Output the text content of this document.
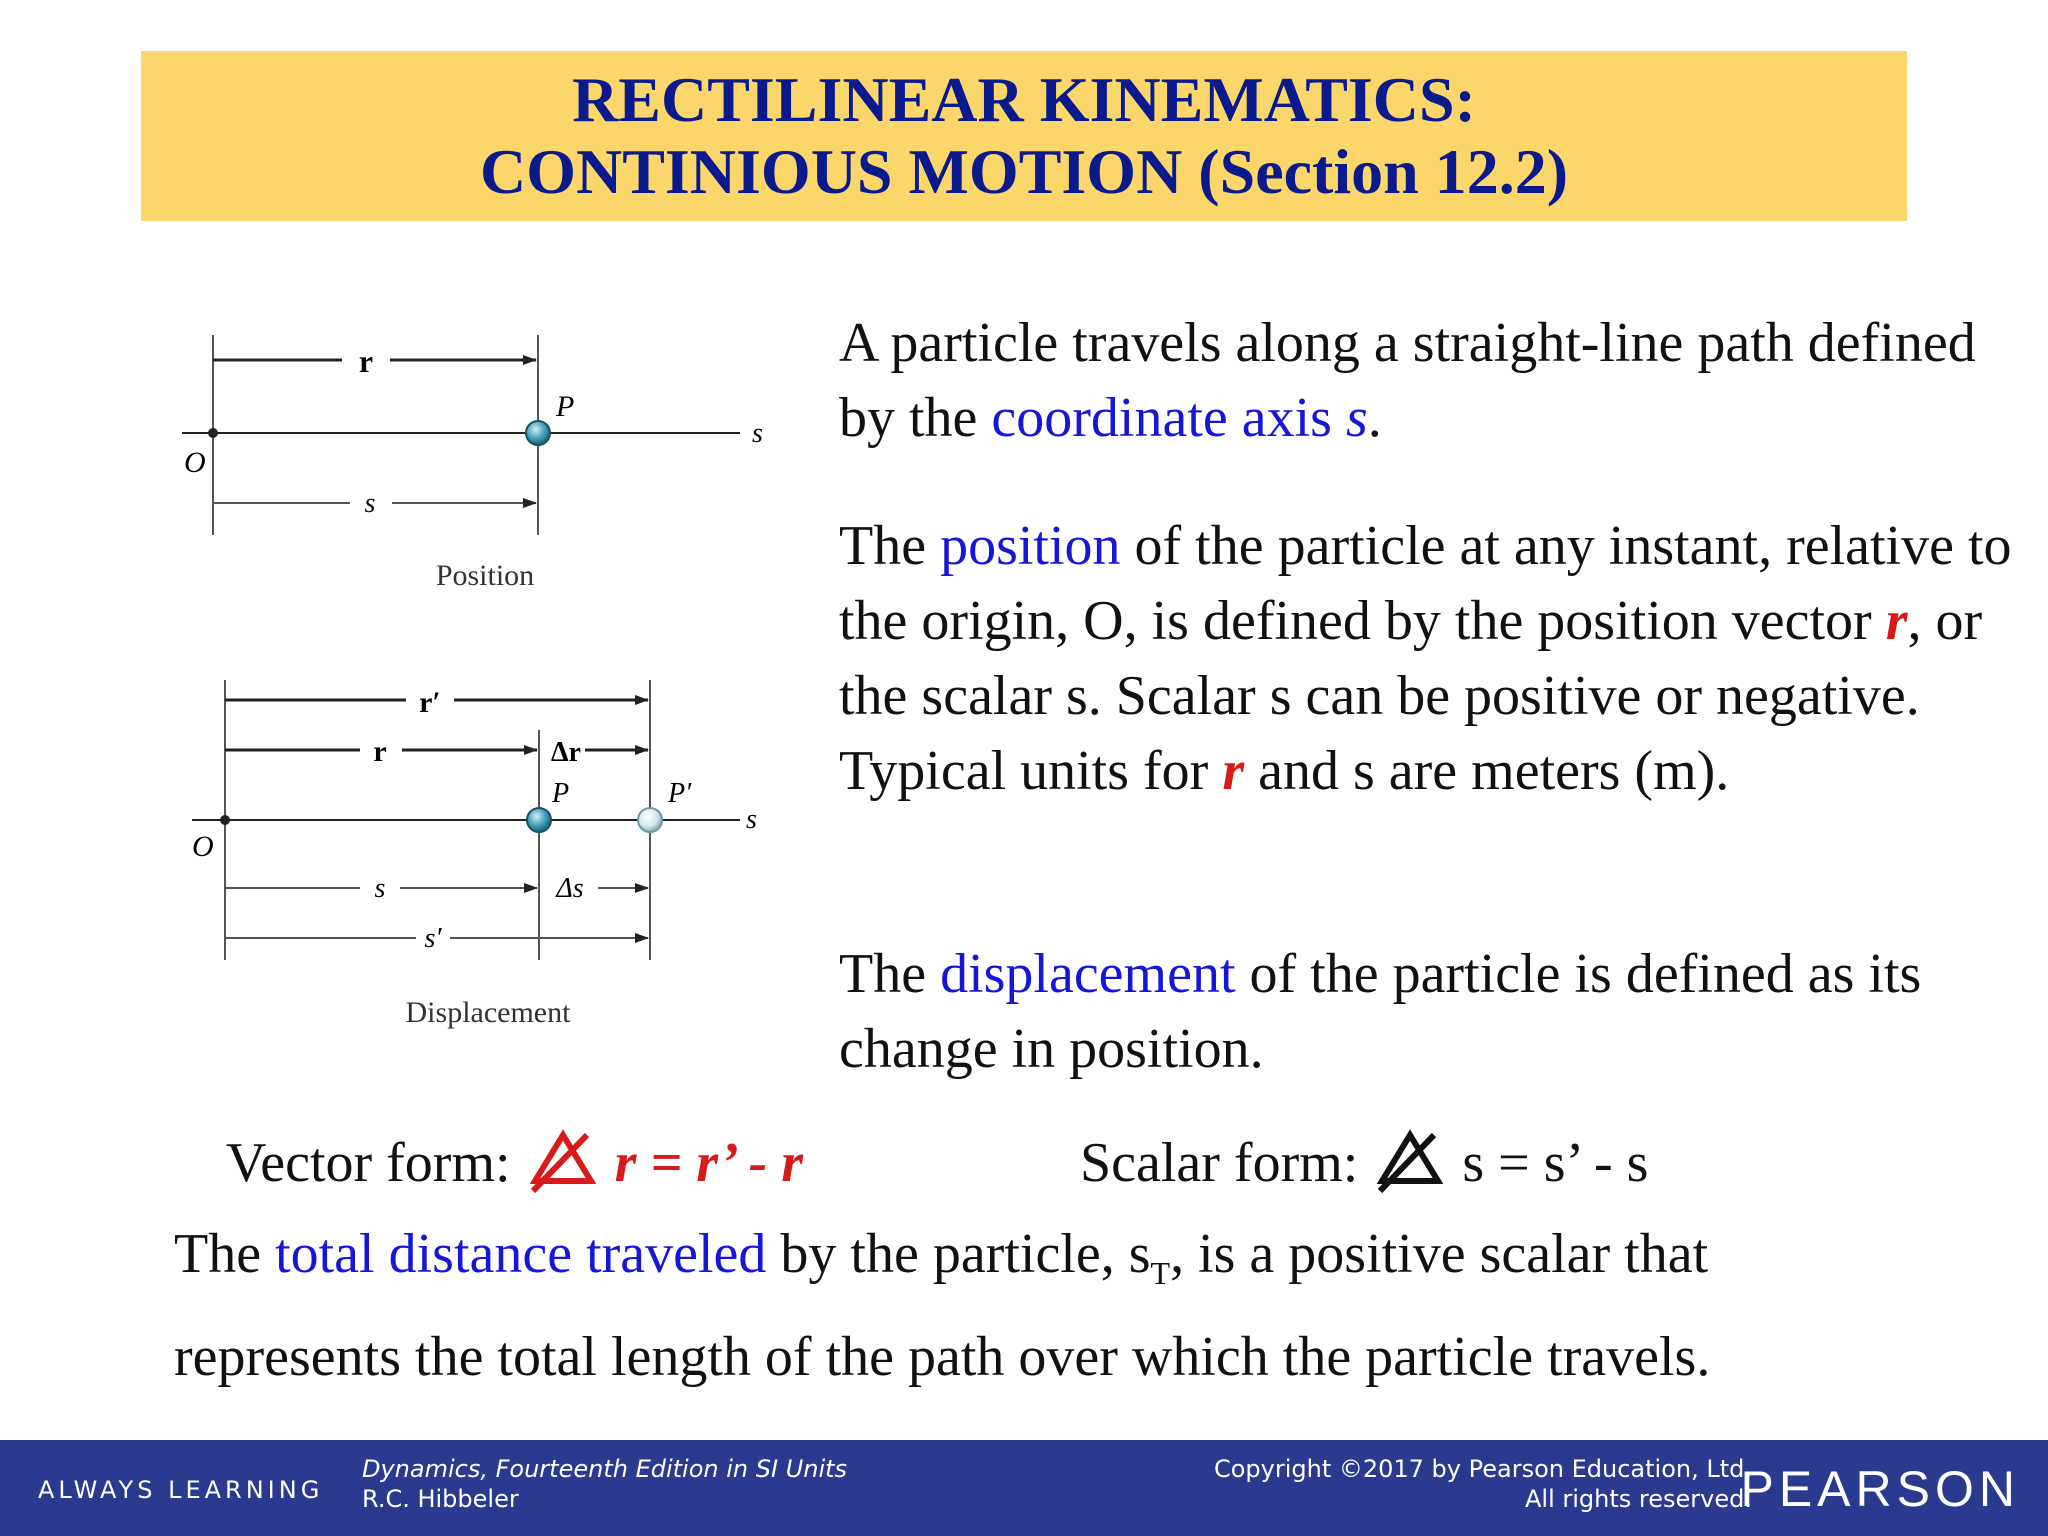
RECTILINEAR KINEMATICS:
CONTINIOUS MOTION (Section 12.2)
r
P
O
s
s
Position
r′
r	Δr
P	P′
O
s
s	Δs
s′
Displacement
A particle travels along a straight-line path defined by the coordinate axis s.
The position of the particle at any instant, relative to the origin, O, is defined by the position vector r, or the scalar s. Scalar s can be positive or negative. Typical units for r and s are meters (m).
The displacement of the particle is defined as its change in position.
Vector form:  r = r’ - r	Scalar form:  s = s’ - s
The total distance traveled by the particle, $s_T$, is a positive scalar that represents the total length of the path over which the particle travels.
ALWAYS LEARNING
Dynamics, Fourteenth Edition in SI Units
R.C. Hibbeler
Copyright ©2017 by Pearson Education, Ltd.
All rights reserved.
PEARSON
